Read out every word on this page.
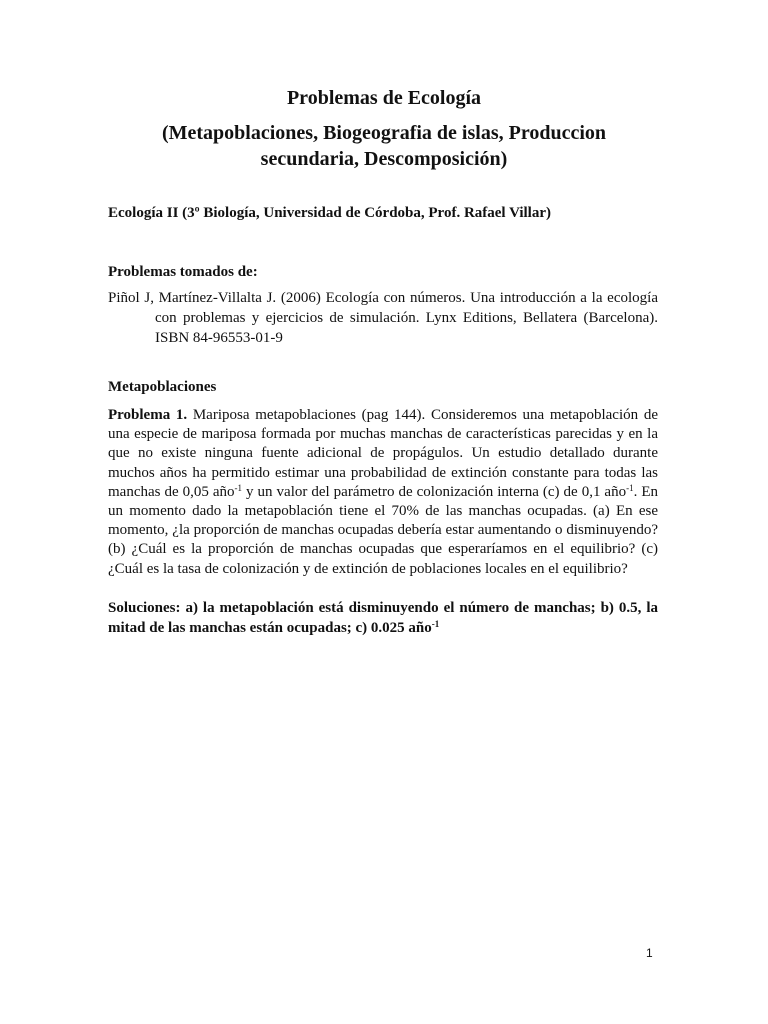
Problemas de Ecología
(Metapoblaciones, Biogeografia de islas, Produccion secundaria, Descomposición)
Ecología II (3º Biología, Universidad de Córdoba, Prof. Rafael Villar)
Problemas tomados de:
Piñol J, Martínez-Villalta J. (2006) Ecología con números. Una introducción a la ecología con problemas y ejercicios de simulación. Lynx Editions, Bellatera (Barcelona). ISBN 84-96553-01-9
Metapoblaciones

Problema 1. Mariposa metapoblaciones (pag 144). Consideremos una metapoblación de una especie de mariposa formada por muchas manchas de características parecidas y en la que no existe ninguna fuente adicional de propágulos. Un estudio detallado durante muchos años ha permitido estimar una probabilidad de extinción constante para todas las manchas de 0,05 año$^{-1}$ y un valor del parámetro de colonización interna (c) de 0,1 año$^{-1}$. En un momento dado la metapoblación tiene el 70% de las manchas ocupadas. (a) En ese momento, ¿la proporción de manchas ocupadas debería estar aumentando o disminuyendo? (b) ¿Cuál es la proporción de manchas ocupadas que esperaríamos en el equilibrio? (c) ¿Cuál es la tasa de colonización y de extinción de poblaciones locales en el equilibrio?

Soluciones: a) la metapoblación está disminuyendo el número de manchas; b) 0.5, la mitad de las manchas están ocupadas; c) 0.025 año$^{-1}$

1
